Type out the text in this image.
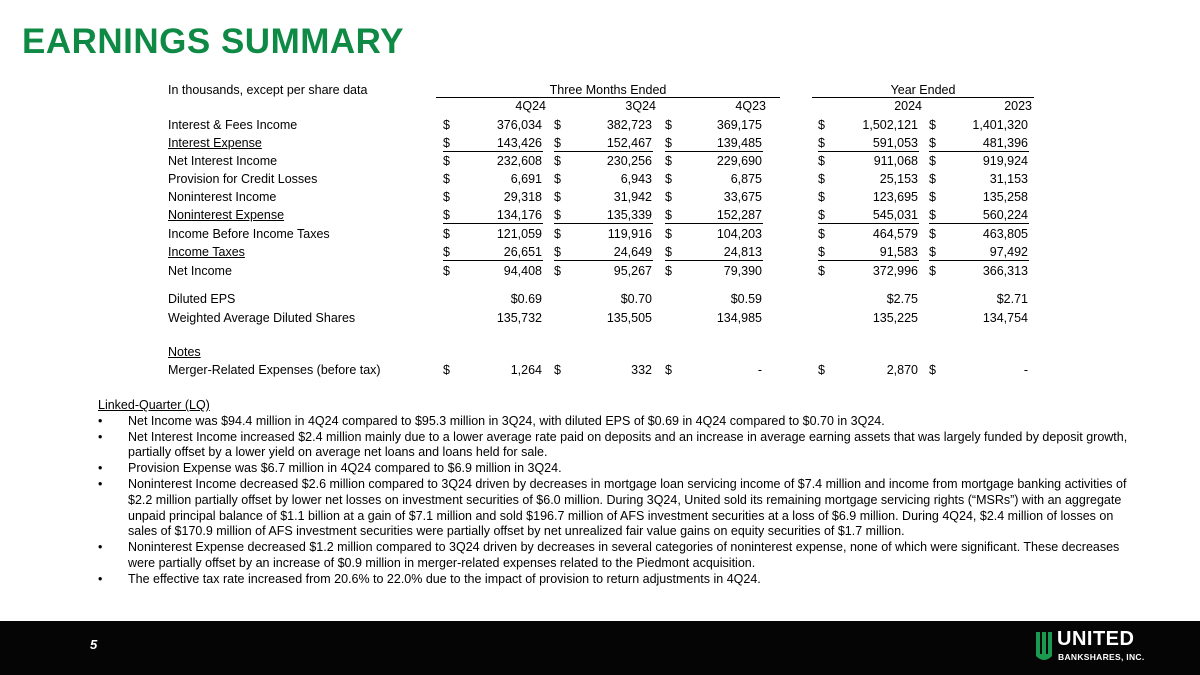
EARNINGS SUMMARY
In thousands, except per share data	Three Months Ended	Year Ended
4Q24	3Q24	4Q23	2024	2023
Interest & Fees Income	$	376,034 $	382,723 $	369,175	$	1,502,121 $	1,401,320
Interest Expense	$	143,426 $	152,467 $	139,485	$	591,053 $	481,396
Net Interest Income	$	232,608 $	230,256 $	229,690	$	911,068 $	919,924
Provision for Credit Losses	$	6,691 $	6,943 $	6,875	$	25,153 $	31,153
Noninterest Income	$	29,318 $	31,942 $	33,675	$	123,695 $	135,258
Noninterest Expense	$	134,176 $	135,339 $	152,287	$	545,031 $	560,224
Income Before Income Taxes	$	121,059 $	119,916 $	104,203	$	464,579 $	463,805
Income Taxes	$	26,651 $	24,649 $	24,813	$	91,583 $	97,492
Net Income	$	94,408 $	95,267 $	79,390	$	372,996 $	366,313
Diluted EPS	$0.69	$0.70	$0.59	$2.75	$2.71
Weighted Average Diluted Shares	135,732	135,505	134,985	135,225	134,754
Notes
Merger-Related Expenses (before tax)	$	1,264 $	332 $	-	$	2,870 $	-
Linked-Quarter (LQ)
• Net Income was $94.4 million in 4Q24 compared to $95.3 million in 3Q24, with diluted EPS of $0.69 in 4Q24 compared to $0.70 in 3Q24.
• Net Interest Income increased $2.4 million mainly due to a lower average rate paid on deposits and an increase in average earning assets that was largely funded by deposit growth, partially offset by a lower yield on average net loans and loans held for sale.
• Provision Expense was $6.7 million in 4Q24 compared to $6.9 million in 3Q24.
• Noninterest Income decreased $2.6 million compared to 3Q24 driven by decreases in mortgage loan servicing income of $7.4 million and income from mortgage banking activities of $2.2 million partially offset by lower net losses on investment securities of $6.0 million. During 3Q24, United sold its remaining mortgage servicing rights (“MSRs”) with an aggregate unpaid principal balance of $1.1 billion at a gain of $7.1 million and sold $196.7 million of AFS investment securities at a loss of $6.9 million. During 4Q24, $2.4 million of losses on sales of $170.9 million of AFS investment securities were partially offset by net unrealized fair value gains on equity securities of $1.7 million.
• Noninterest Expense decreased $1.2 million compared to 3Q24 driven by decreases in several categories of noninterest expense, none of which were significant. These decreases were partially offset by an increase of $0.9 million in merger-related expenses related to the Piedmont acquisition.
• The effective tax rate increased from 20.6% to 22.0% due to the impact of provision to return adjustments in 4Q24.
5	UNITED
BANKSHARES, INC.
